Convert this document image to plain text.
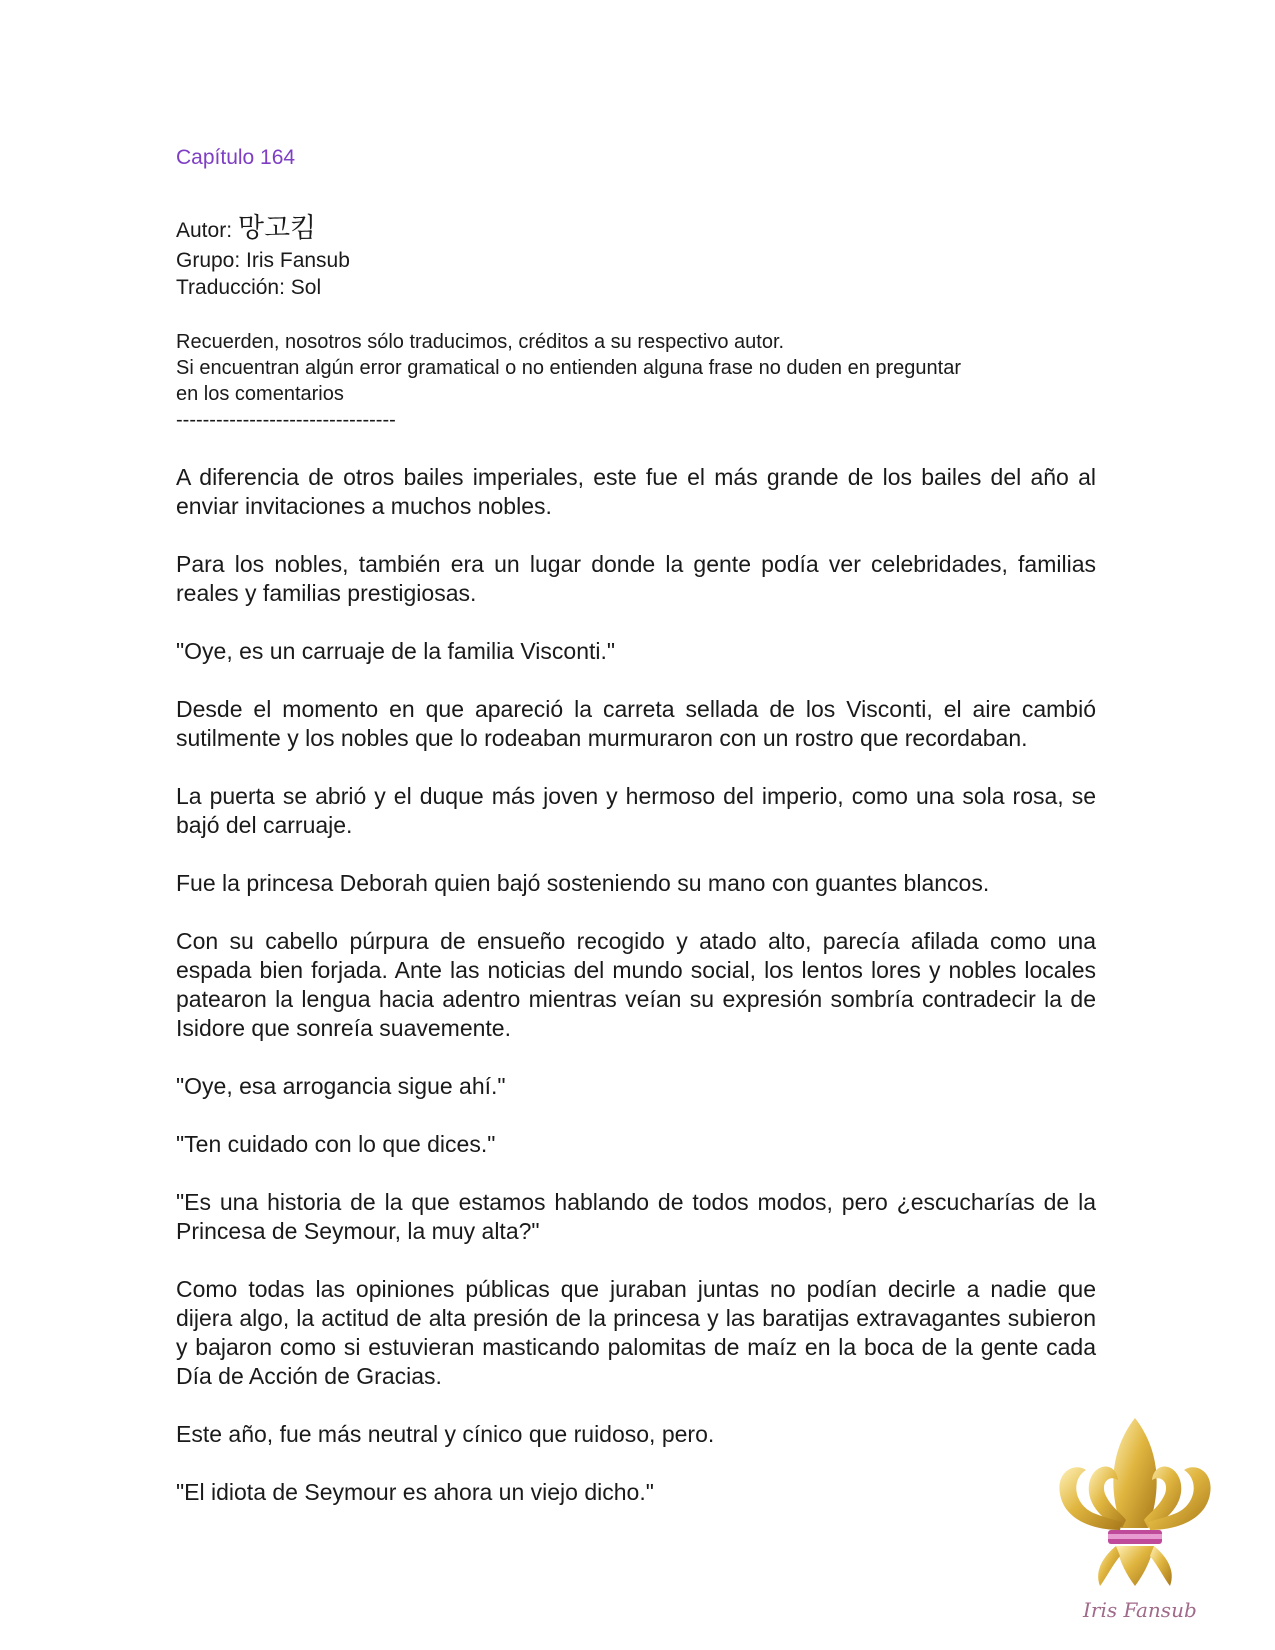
Capítulo 164
Autor: 망고킴
Grupo: Iris Fansub
Traducción: Sol
Recuerden, nosotros sólo traducimos, créditos a su respectivo autor.
Si encuentran algún error gramatical o no entienden alguna frase no duden en preguntar
en los comentarios
---------------------------------

A diferencia de otros bailes imperiales, este fue el más grande de los bailes del año al enviar invitaciones a muchos nobles.

Para los nobles, también era un lugar donde la gente podía ver celebridades, familias reales y familias prestigiosas.

"Oye, es un carruaje de la familia Visconti."

Desde el momento en que apareció la carreta sellada de los Visconti, el aire cambió sutilmente y los nobles que lo rodeaban murmuraron con un rostro que recordaban.

La puerta se abrió y el duque más joven y hermoso del imperio, como una sola rosa, se bajó del carruaje.

Fue la princesa Deborah quien bajó sosteniendo su mano con guantes blancos.

Con su cabello púrpura de ensueño recogido y atado alto, parecía afilada como una espada bien forjada. Ante las noticias del mundo social, los lentos lores y nobles locales patearon la lengua hacia adentro mientras veían su expresión sombría contradecir la de Isidore que sonreía suavemente.

"Oye, esa arrogancia sigue ahí."

"Ten cuidado con lo que dices."

"Es una historia de la que estamos hablando de todos modos, pero ¿escucharías de la Princesa de Seymour, la muy alta?"

Como todas las opiniones públicas que juraban juntas no podían decirle a nadie que dijera algo, la actitud de alta presión de la princesa y las baratijas extravagantes subieron y bajaron como si estuvieran masticando palomitas de maíz en la boca de la gente cada Día de Acción de Gracias.

Este año, fue más neutral y cínico que ruidoso, pero.

"El idiota de Seymour es ahora un viejo dicho."

Iris Fansub
